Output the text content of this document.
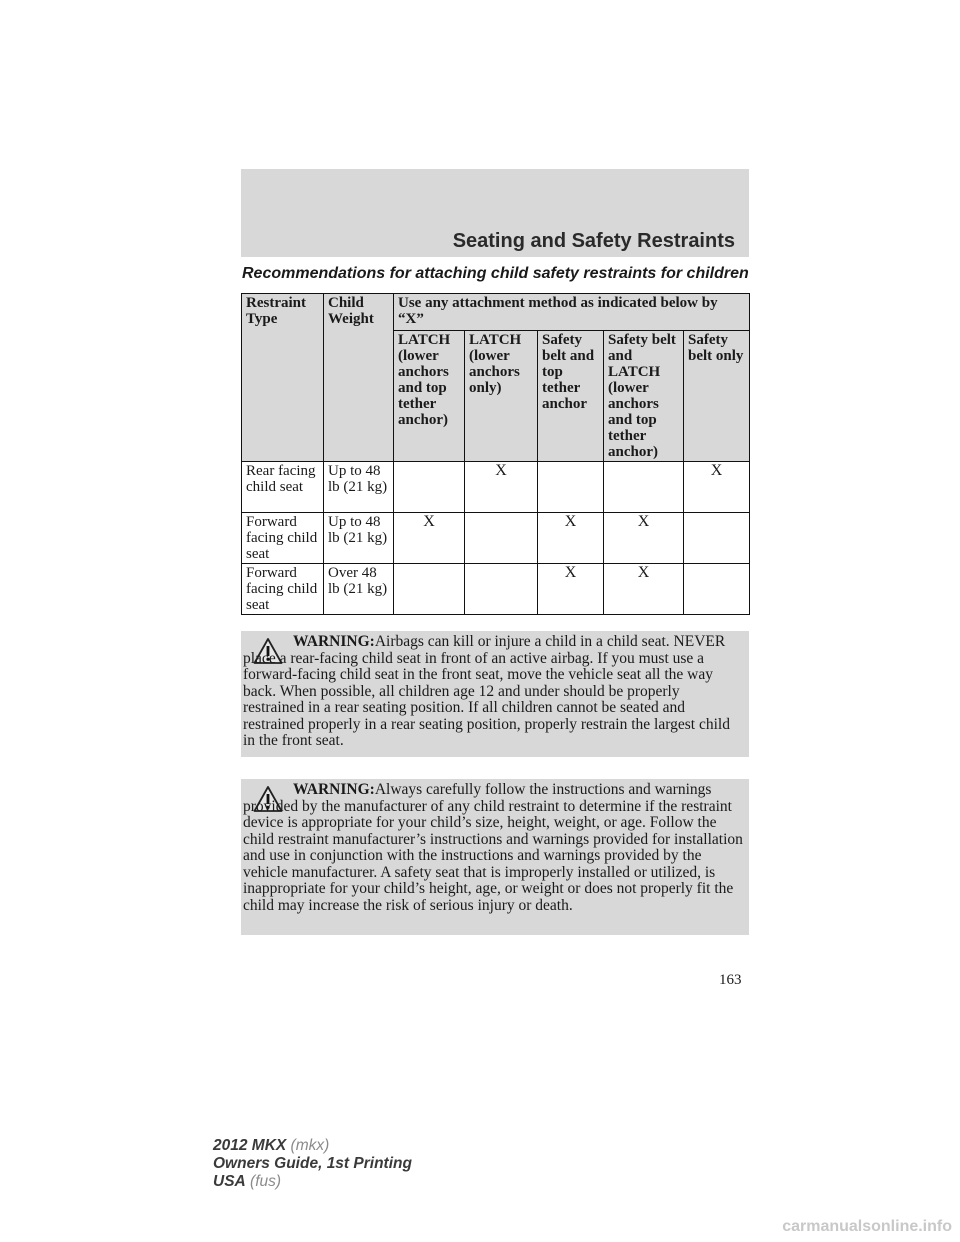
Seating and Safety Restraints
Recommendations for attaching child safety restraints for children
Restraint Type	Child Weight	Use any attachment method as indicated below by “X”				
		LATCH (lower anchors and top tether anchor)	LATCH (lower anchors only)	Safety belt and top tether anchor	Safety belt and LATCH (lower anchors and top tether anchor)	Safety belt only
Rear facing child seat	Up to 48 lb (21 kg)		X			X
Forward facing child seat	Up to 48 lb (21 kg)	X		X	X	
Forward facing child seat	Over 48 lb (21 kg)			X	X	
WARNING:Airbags can kill or injure a child in a child seat. NEVER place a rear-facing child seat in front of an active airbag. If you must use a forward-facing child seat in the front seat, move the vehicle seat all the way back. When possible, all children age 12 and under should be properly restrained in a rear seating position. If all children cannot be seated and restrained properly in a rear seating position, properly restrain the largest child in the front seat.
WARNING:Always carefully follow the instructions and warnings provided by the manufacturer of any child restraint to determine if the restraint device is appropriate for your child’s size, height, weight, or age. Follow the child restraint manufacturer’s instructions and warnings provided for installation and use in conjunction with the instructions and warnings provided by the vehicle manufacturer. A safety seat that is improperly installed or utilized, is inappropriate for your child’s height, age, or weight or does not properly fit the child may increase the risk of serious injury or death.
163
2012 MKX (mkx)
Owners Guide, 1st Printing
USA (fus)
carmanualsonline.info
